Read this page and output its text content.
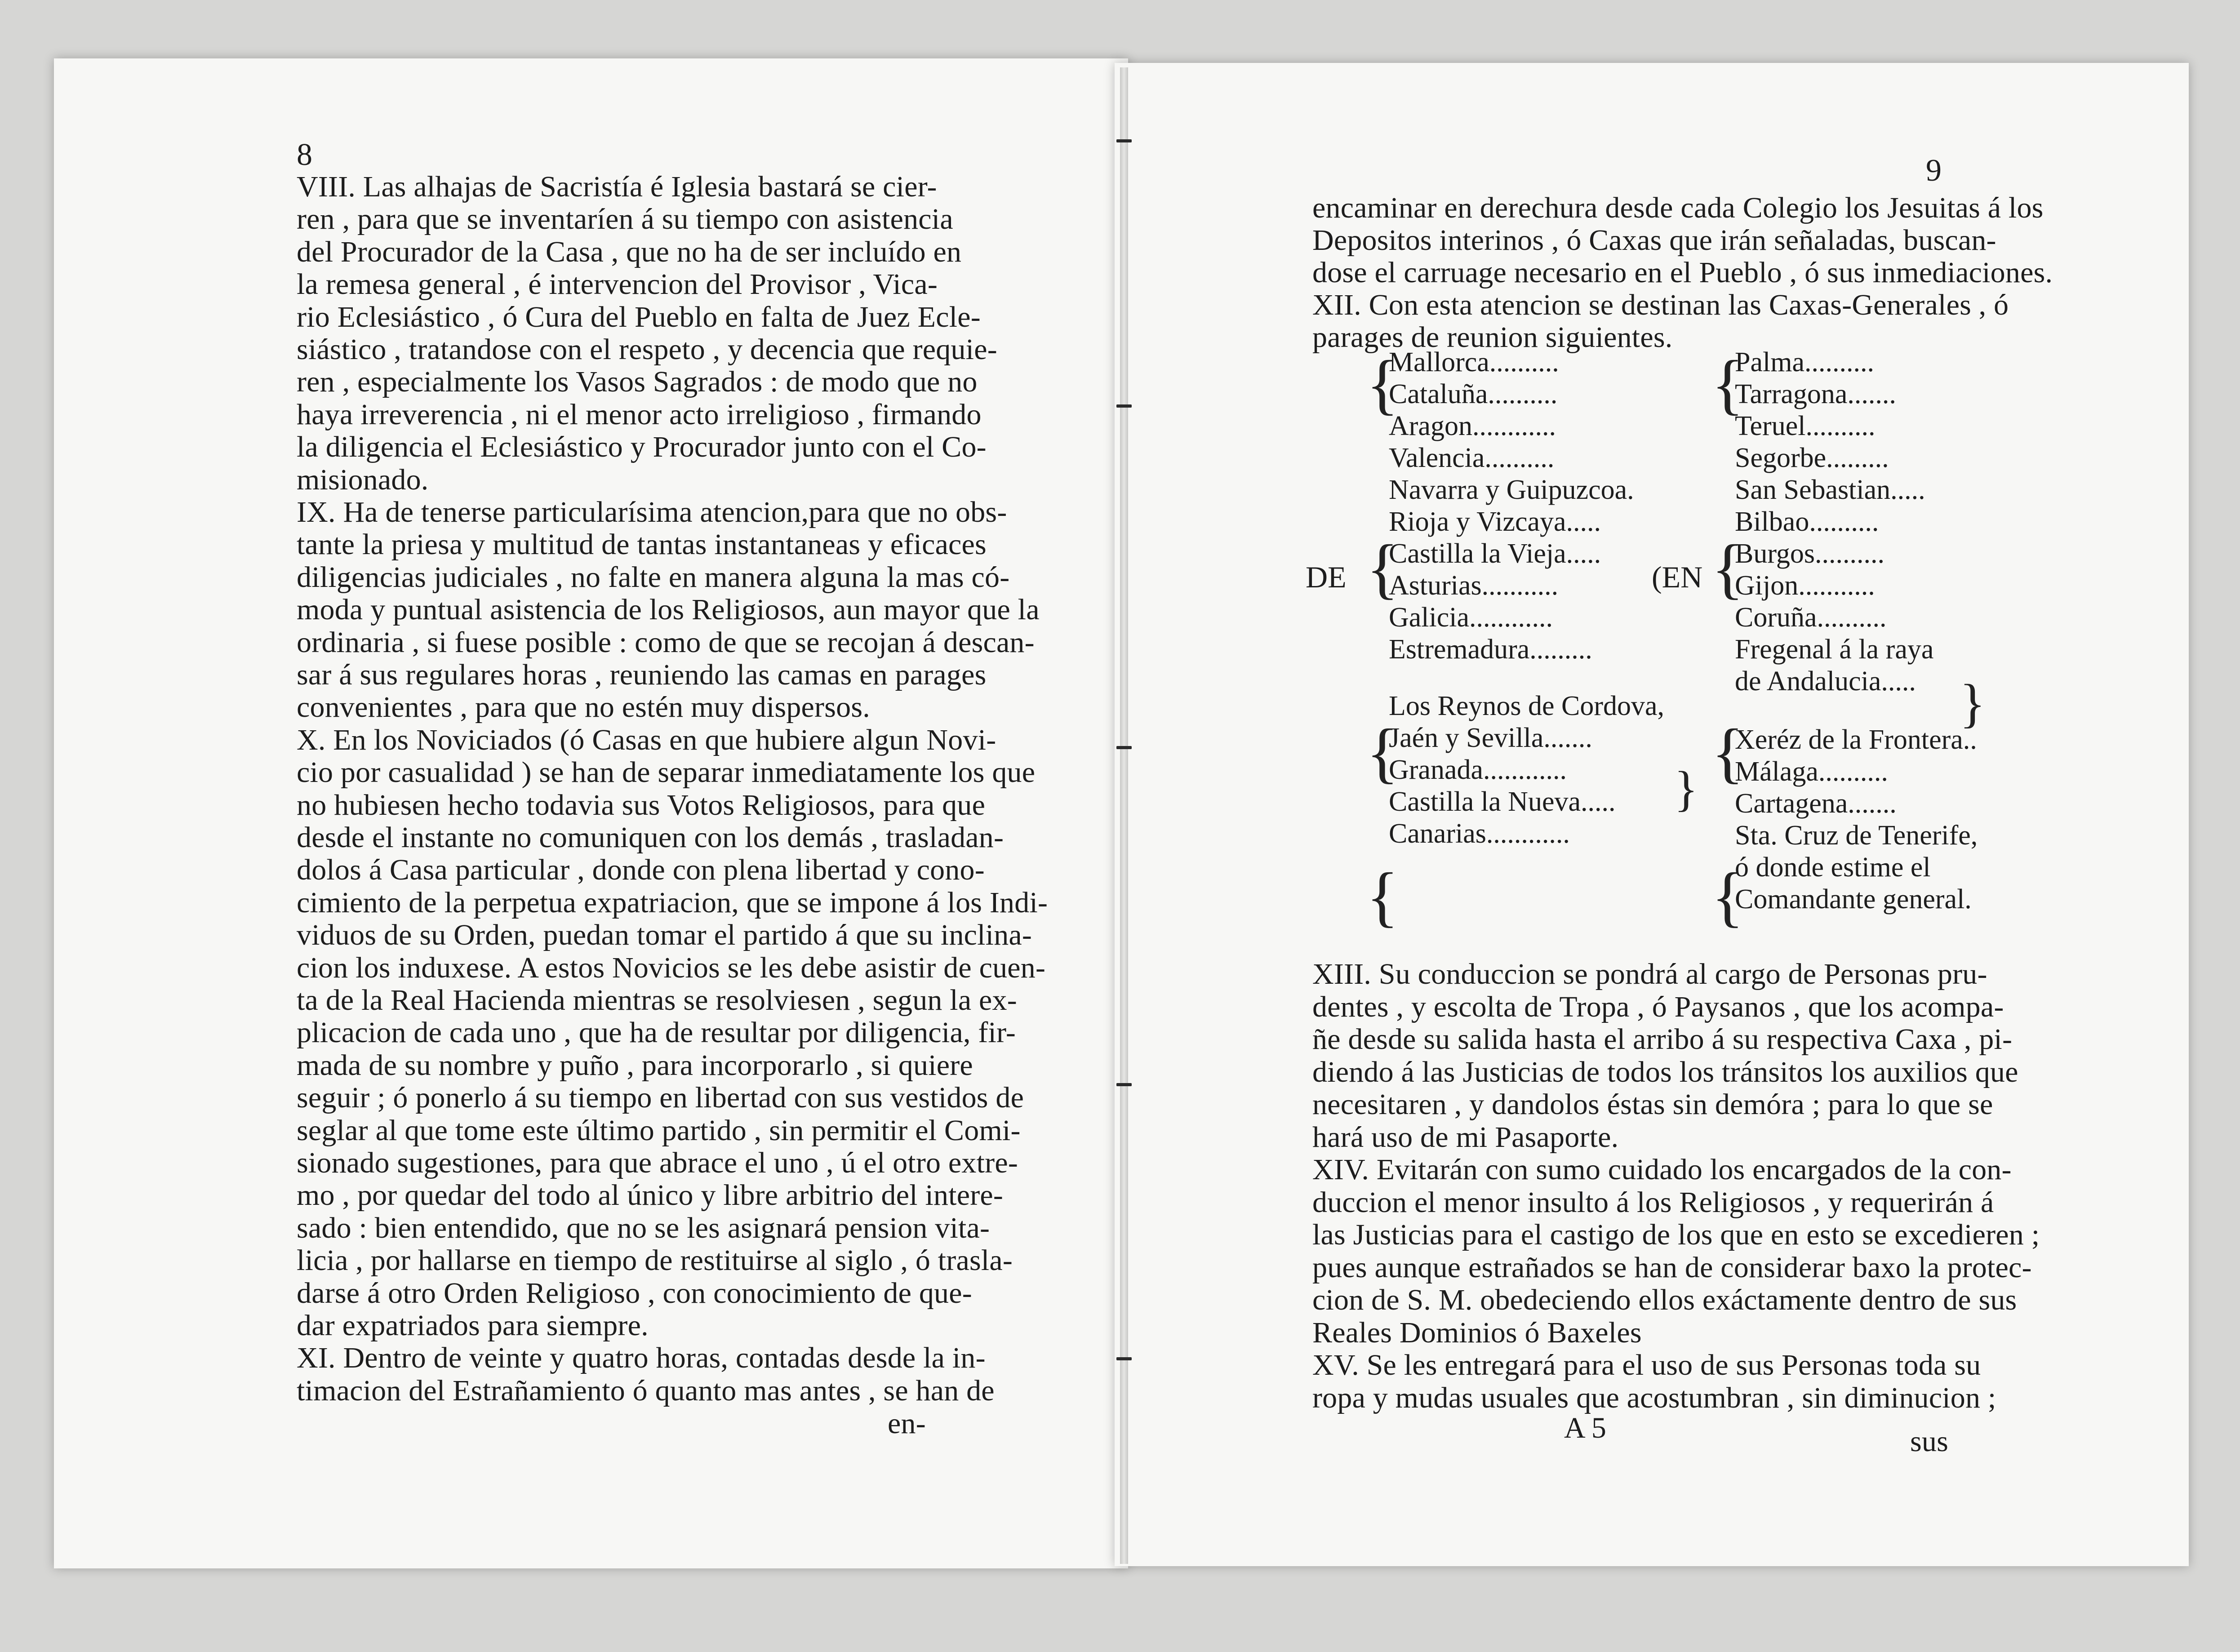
8
VIII. Las alhajas de Sacristía é Iglesia bastará se cier-
ren , para que se inventaríen á su tiempo con asistencia
del Procurador de la Casa , que no ha de ser incluído en
la remesa general , é intervencion del Provisor , Vica-
rio Eclesiástico , ó Cura del Pueblo en falta de Juez Ecle-
siástico , tratandose con el respeto , y decencia que requie-
ren , especialmente los Vasos Sagrados : de modo que no
haya irreverencia , ni el menor acto irreligioso , firmando
la diligencia el Eclesiástico y Procurador junto con el Co-
misionado.
IX. Ha de tenerse particularísima atencion,para que no obs-
tante la priesa y multitud de tantas instantaneas y eficaces
diligencias judiciales , no falte en manera alguna la mas có-
moda y puntual asistencia de los Religiosos, aun mayor que la
ordinaria , si fuese posible : como de que se recojan á descan-
sar á sus regulares horas , reuniendo las camas en parages
convenientes , para que no estén muy dispersos.
X. En los Noviciados (ó Casas en que hubiere algun Novi-
cio por casualidad ) se han de separar inmediatamente los que
no hubiesen hecho todavia sus Votos Religiosos, para que
desde el instante no comuniquen con los demás , trasladan-
dolos á Casa particular , donde con plena libertad y cono-
cimiento de la perpetua expatriacion, que se impone á los Indi-
viduos de su Orden, puedan tomar el partido á que su inclina-
cion los induxese. A estos Novicios se les debe asistir de cuen-
ta de la Real Hacienda mientras se resolviesen , segun la ex-
plicacion de cada uno , que ha de resultar por diligencia, fir-
mada de su nombre y puño , para incorporarlo , si quiere
seguir ; ó ponerlo á su tiempo en libertad con sus vestidos de
seglar al que tome este último partido , sin permitir el Comi-
sionado sugestiones, para que abrace el uno , ú el otro extre-
mo , por quedar del todo al único y libre arbitrio del intere-
sado : bien entendido, que no se les asignará pension vita-
licia , por hallarse en tiempo de restituirse al siglo , ó trasla-
darse á otro Orden Religioso , con conocimiento de que-
dar expatriados para siempre.
XI. Dentro de veinte y quatro horas, contadas desde la in-
timacion del Estrañamiento ó quanto mas antes , se han de
en-
9
encaminar en derechura desde cada Colegio los Jesuitas á los
Depositos interinos , ó Caxas que irán señaladas, buscan-
dose el carruage necesario en el Pueblo , ó sus inmediaciones.
XII. Con esta atencion se destinan las Caxas-Generales , ó
parages de reunion siguientes.
DE	(EN
{
{
{
{
{
{
{
{
}
}
Mallorca..........
Cataluña..........
Aragon............
Valencia..........
Navarra y Guipuzcoa.
Rioja y Vizcaya.....
Castilla la Vieja.....
Asturias...........
Galicia............
Estremadura.........
Los Reynos de Cordova,
Jaén y Sevilla.......
Granada............
Castilla la Nueva.....
Canarias............
Palma..........
Tarragona.......
Teruel..........
Segorbe.........
San Sebastian.....
Bilbao..........
Burgos..........
Gijon...........
Coruña..........
Fregenal á la raya
de Andalucia.....
Xeréz de la Frontera..
Málaga..........
Cartagena.......
Sta. Cruz de Tenerife,
ó donde estime el
Comandante general.
XIII. Su conduccion se pondrá al cargo de Personas pru-
dentes , y escolta de Tropa , ó Paysanos , que los acompa-
ñe desde su salida hasta el arribo á su respectiva Caxa , pi-
diendo á las Justicias de todos los tránsitos los auxilios que
necesitaren , y dandolos éstas sin demóra ; para lo que se
hará uso de mi Pasaporte.
XIV. Evitarán con sumo cuidado los encargados de la con-
duccion el menor insulto á los Religiosos , y requerirán á
las Justicias para el castigo de los que en esto se excedieren ;
pues aunque estrañados se han de considerar baxo la protec-
cion de S. M. obedeciendo ellos exáctamente dentro de sus
Reales Dominios ó Baxeles
XV. Se les entregará para el uso de sus Personas toda su
ropa y mudas usuales que acostumbran , sin diminucion ;
A 5	sus
